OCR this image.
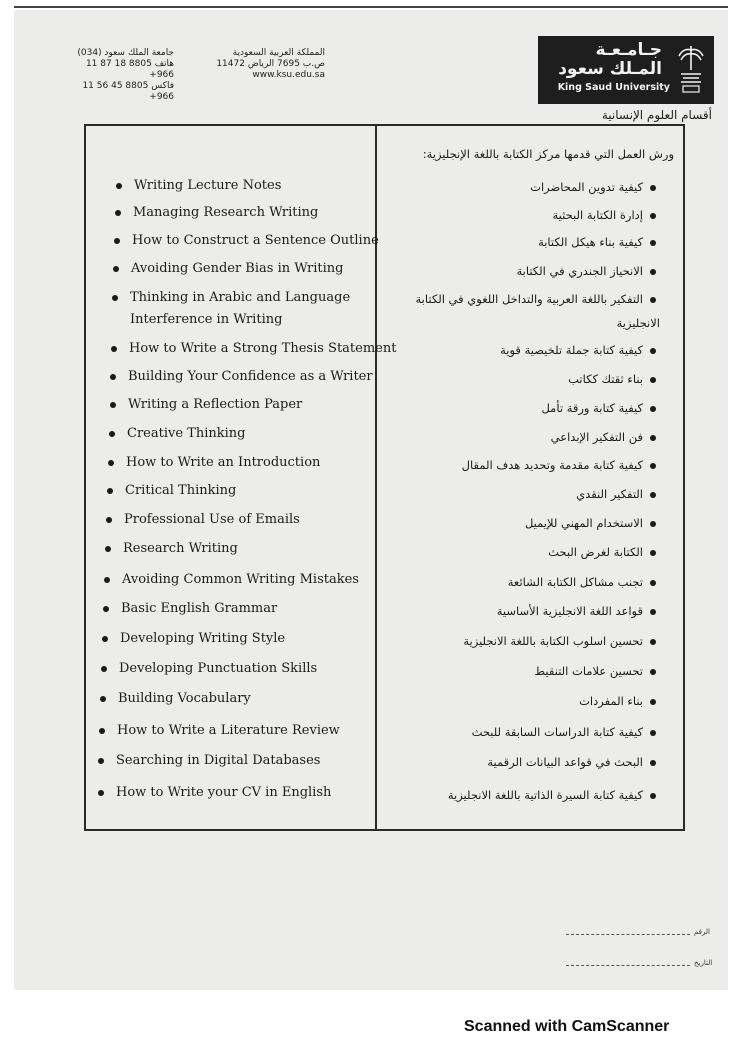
جامعة الملك سعود (034)
هاتف 8805 18 87 11 966+
فاكس 8805 45 56 11 966+
المملكة العربية السعودية
ص.ب 7695 الرياض 11472
www.ksu.edu.sa
جـامـعـة
المـلك سعود
King Saud University
أقسام العلوم الإنسانية
Writing Lecture Notes
Managing Research Writing
How to Construct a Sentence Outline
Avoiding Gender Bias in Writing
Thinking in Arabic and Language
Interference in Writing
How to Write a Strong Thesis Statement
Building Your Confidence as a Writer
Writing a Reflection Paper
Creative Thinking
How to Write an Introduction
Critical Thinking
Professional Use of Emails
Research Writing
Avoiding Common Writing Mistakes
Basic English Grammar
Developing Writing Style
Developing Punctuation Skills
Building Vocabulary
How to Write a Literature Review
Searching in Digital Databases
How to Write your CV in English
ورش العمل التي قدمها مركز الكتابة باللغة الإنجليزية:
كيفية تدوين المحاضرات
إدارة الكتابة البحثية
كيفية بناء هيكل الكتابة
الانحياز الجندري في الكتابة
التفكير باللغة العربية والتداخل اللغوي في الكتابة
الانجليزية
كيفية كتابة جملة تلخيصية قوية
بناء ثقتك ككاتب
كيفية كتابة ورقة تأمل
فن التفكير الإبداعي
كيفية كتابة مقدمة وتحديد هدف المقال
التفكير النقدي
الاستخدام المهني للإيميل
الكتابة لغرض البحث
تجنب مشاكل الكتابة الشائعة
قواعد اللغة الانجليزية الأساسية
تحسين اسلوب الكتابة باللغة الانجليزية
تحسين علامات التنقيط
بناء المفردات
كيفية كتابة الدراسات السابقة للبحث
البحث في قواعد البيانات الرقمية
كيفية كتابة السيرة الذاتية باللغة الانجليزية
الرقم
التاريخ
Scanned with CamScanner
